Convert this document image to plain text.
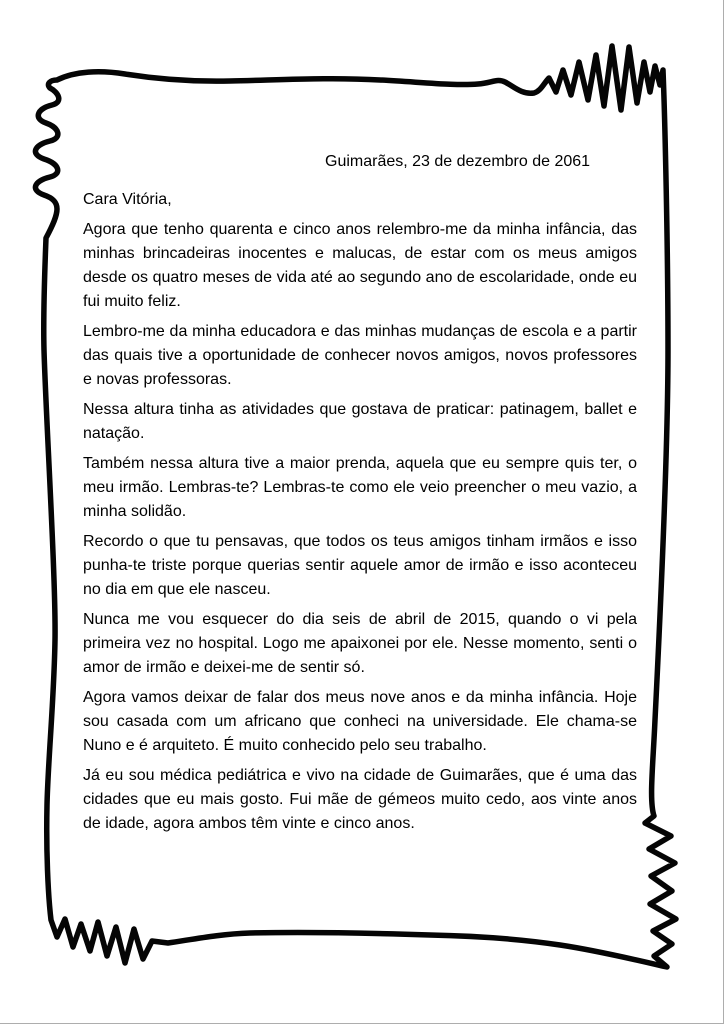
Guimarães, 23 de dezembro de 2061

Cara Vitória,

Agora que tenho quarenta e cinco anos relembro-me da minha infância, das minhas brincadeiras inocentes e malucas, de estar com os meus amigos desde os quatro meses de vida até ao segundo ano de escolaridade, onde eu fui muito feliz.

Lembro-me da minha educadora e das minhas mudanças de escola e a partir das quais tive a oportunidade de conhecer novos amigos, novos professores e novas professoras.

Nessa altura tinha as atividades que gostava de praticar: patinagem, ballet e natação.

Também nessa altura tive a maior prenda, aquela que eu sempre quis ter, o meu irmão. Lembras-te? Lembras-te como ele veio preencher o meu vazio, a minha solidão.

Recordo o que tu pensavas, que todos os teus amigos tinham irmãos e isso punha-te triste porque querias sentir aquele amor de irmão e isso aconteceu no dia em que ele nasceu.

Nunca me vou esquecer do dia seis de abril de 2015, quando o vi pela primeira vez no hospital. Logo me apaixonei por ele. Nesse momento, senti o amor de irmão e deixei-me de sentir só.

Agora vamos deixar de falar dos meus nove anos e da minha infância. Hoje sou casada com um africano que conheci na universidade. Ele chama-se Nuno e é arquiteto. É muito conhecido pelo seu trabalho.

Já eu sou médica pediátrica e vivo na cidade de Guimarães, que é uma das cidades que eu mais gosto. Fui mãe de gémeos muito cedo, aos vinte anos de idade, agora ambos têm vinte e cinco anos.
